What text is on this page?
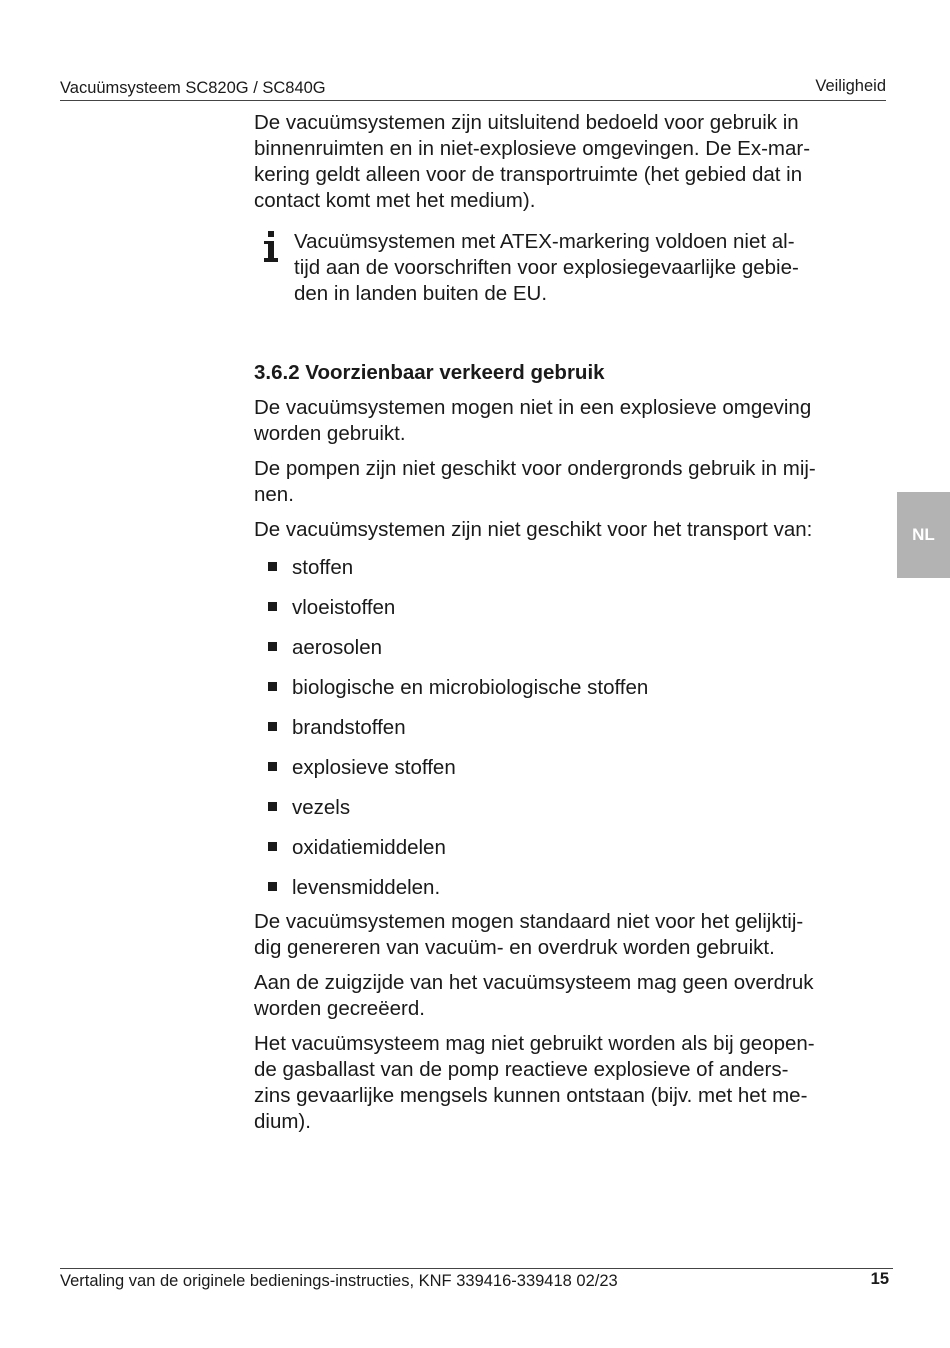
Vacuümsysteem SC820G / SC840G	Veiligheid
NL

De vacuümsystemen zijn uitsluitend bedoeld voor gebruik in
binnenruimten en in niet-explosieve omgevingen. De Ex-mar-
kering geldt alleen voor de transportruimte (het gebied dat in
contact komt met het medium).

Vacuümsystemen met ATEX-markering voldoen niet al-
tijd aan de voorschriften voor explosiegevaarlijke gebie-
den in landen buiten de EU.

3.6.2 Voorzienbaar verkeerd gebruik

De vacuümsystemen mogen niet in een explosieve omgeving
worden gebruikt.

De pompen zijn niet geschikt voor ondergronds gebruik in mij-
nen.

De vacuümsystemen zijn niet geschikt voor het transport van:

stoffen
vloeistoffen
aerosolen
biologische en microbiologische stoffen
brandstoffen
explosieve stoffen
vezels
oxidatiemiddelen
levensmiddelen.

De vacuümsystemen mogen standaard niet voor het gelijktij-
dig genereren van vacuüm- en overdruk worden gebruikt.

Aan de zuigzijde van het vacuümsysteem mag geen overdruk
worden gecreëerd.

Het vacuümsysteem mag niet gebruikt worden als bij geopen-
de gasballast van de pomp reactieve explosieve of anders-
zins gevaarlijke mengsels kunnen ontstaan (bijv. met het me-
dium).

Vertaling van de originele bedienings-instructies, KNF 339416-339418 02/23	15
